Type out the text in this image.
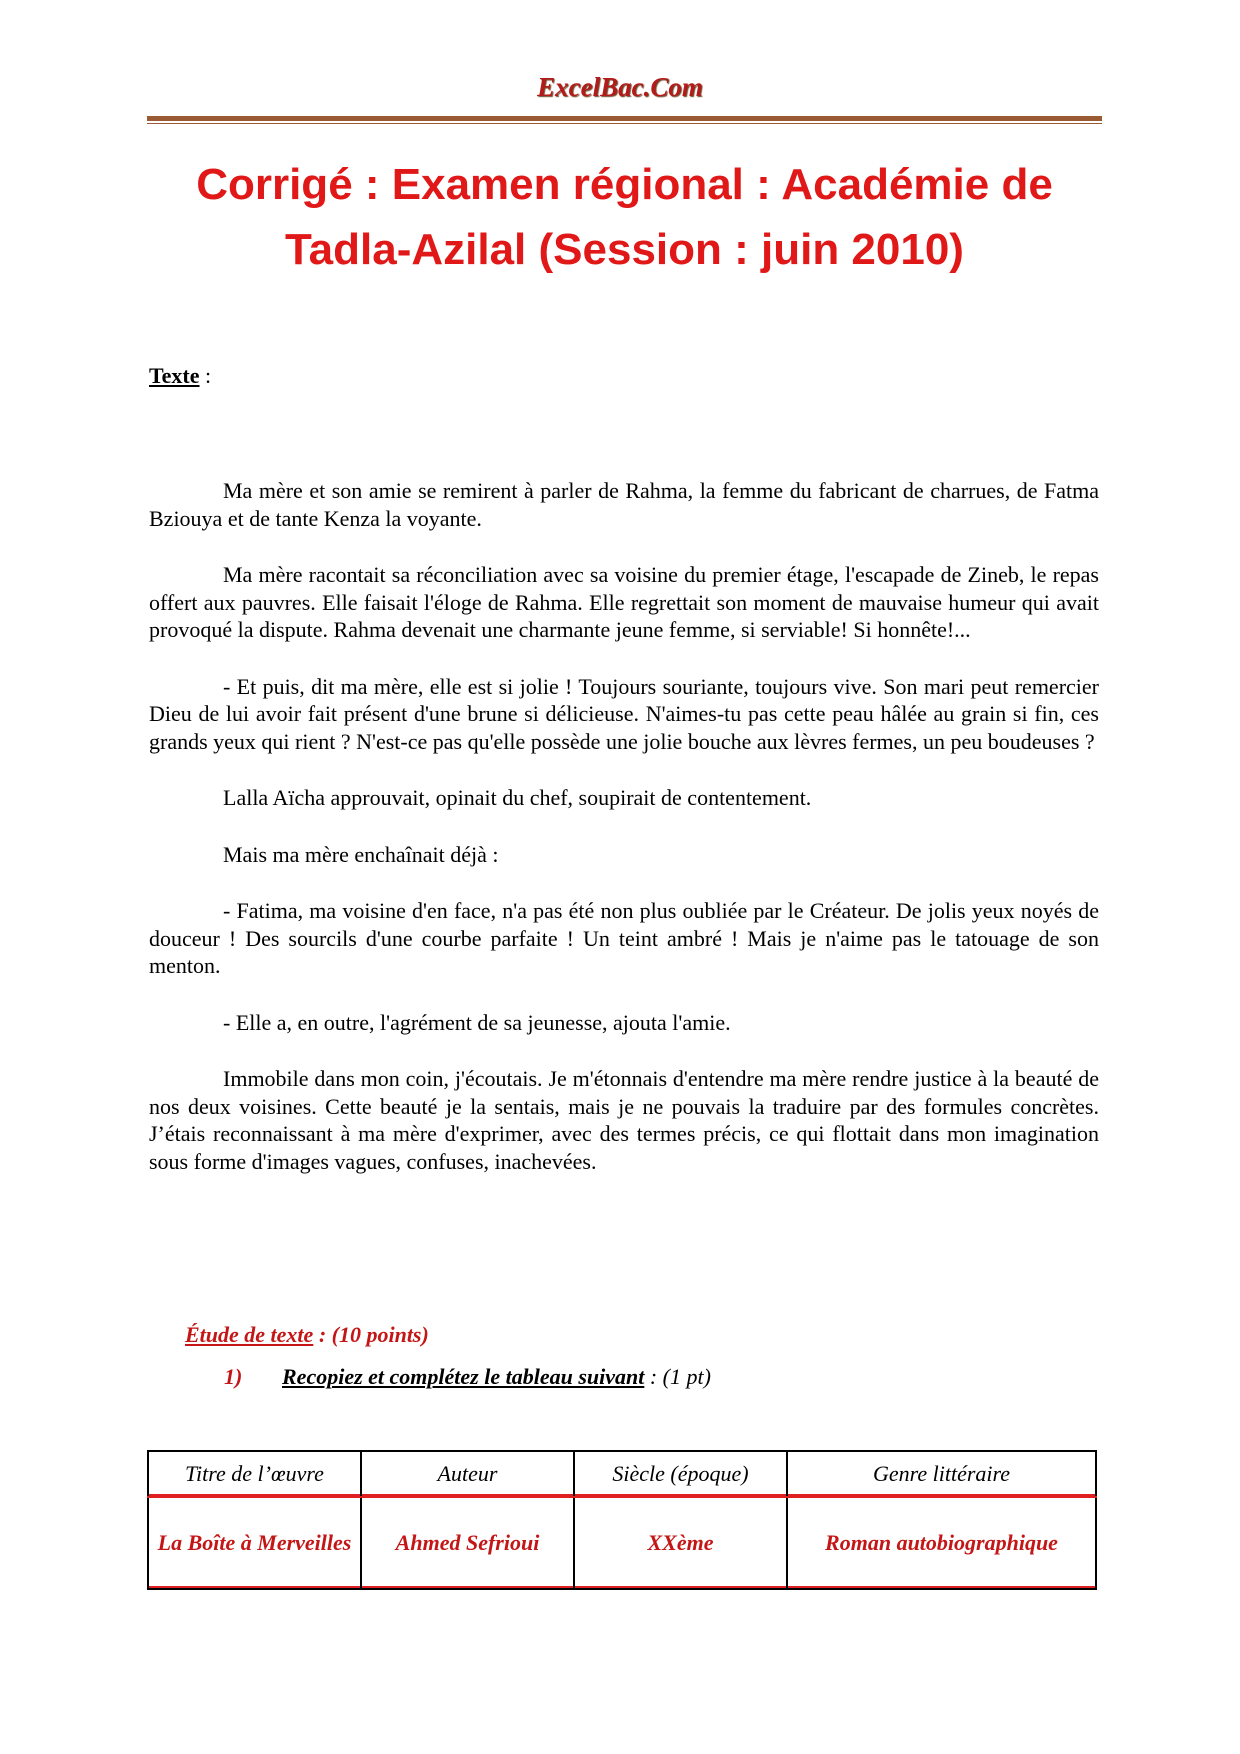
ExcelBac.Com
Corrigé : Examen régional : Académie de
Tadla-Azilal (Session : juin 2010)
Texte :

Ma mère et son amie se remirent à parler de Rahma, la femme du fabricant de charrues, de Fatma Bziouya et de tante Kenza la voyante.

Ma mère racontait sa réconciliation avec sa voisine du premier étage, l'escapade de Zineb, le repas offert aux pauvres. Elle faisait l'éloge de Rahma. Elle regrettait son moment de mauvaise humeur qui avait provoqué la dispute. Rahma devenait une charmante jeune femme, si serviable! Si honnête!...

- Et puis, dit ma mère, elle est si jolie ! Toujours souriante, toujours vive. Son mari peut remercier Dieu de lui avoir fait présent d'une brune si délicieuse. N'aimes-tu pas cette peau hâlée au grain si fin, ces grands yeux qui rient ? N'est-ce pas qu'elle possède une jolie bouche aux lèvres fermes, un peu boudeuses ?

Lalla Aïcha approuvait, opinait du chef, soupirait de contentement.

Mais ma mère enchaînait déjà :

- Fatima, ma voisine d'en face, n'a pas été non plus oubliée par le Créateur. De jolis yeux noyés de douceur ! Des sourcils d'une courbe parfaite ! Un teint ambré ! Mais je n'aime pas le tatouage de son menton.

- Elle a, en outre, l'agrément de sa jeunesse, ajouta l'amie.

Immobile dans mon coin, j'écoutais. Je m'étonnais d'entendre ma mère rendre justice à la beauté de nos deux voisines. Cette beauté je la sentais, mais je ne pouvais la traduire par des formules concrètes. J’étais reconnaissant à ma mère d'exprimer, avec des termes précis, ce qui flottait dans mon imagination sous forme d'images vagues, confuses, inachevées.

Étude de texte : (10 points)
1) Recopiez et complétez le tableau suivant : (1 pt)
Titre de l’œuvre	Auteur	Siècle (époque)	Genre littéraire
La Boîte à Merveilles	Ahmed Sefrioui	XXème	Roman autobiographique
